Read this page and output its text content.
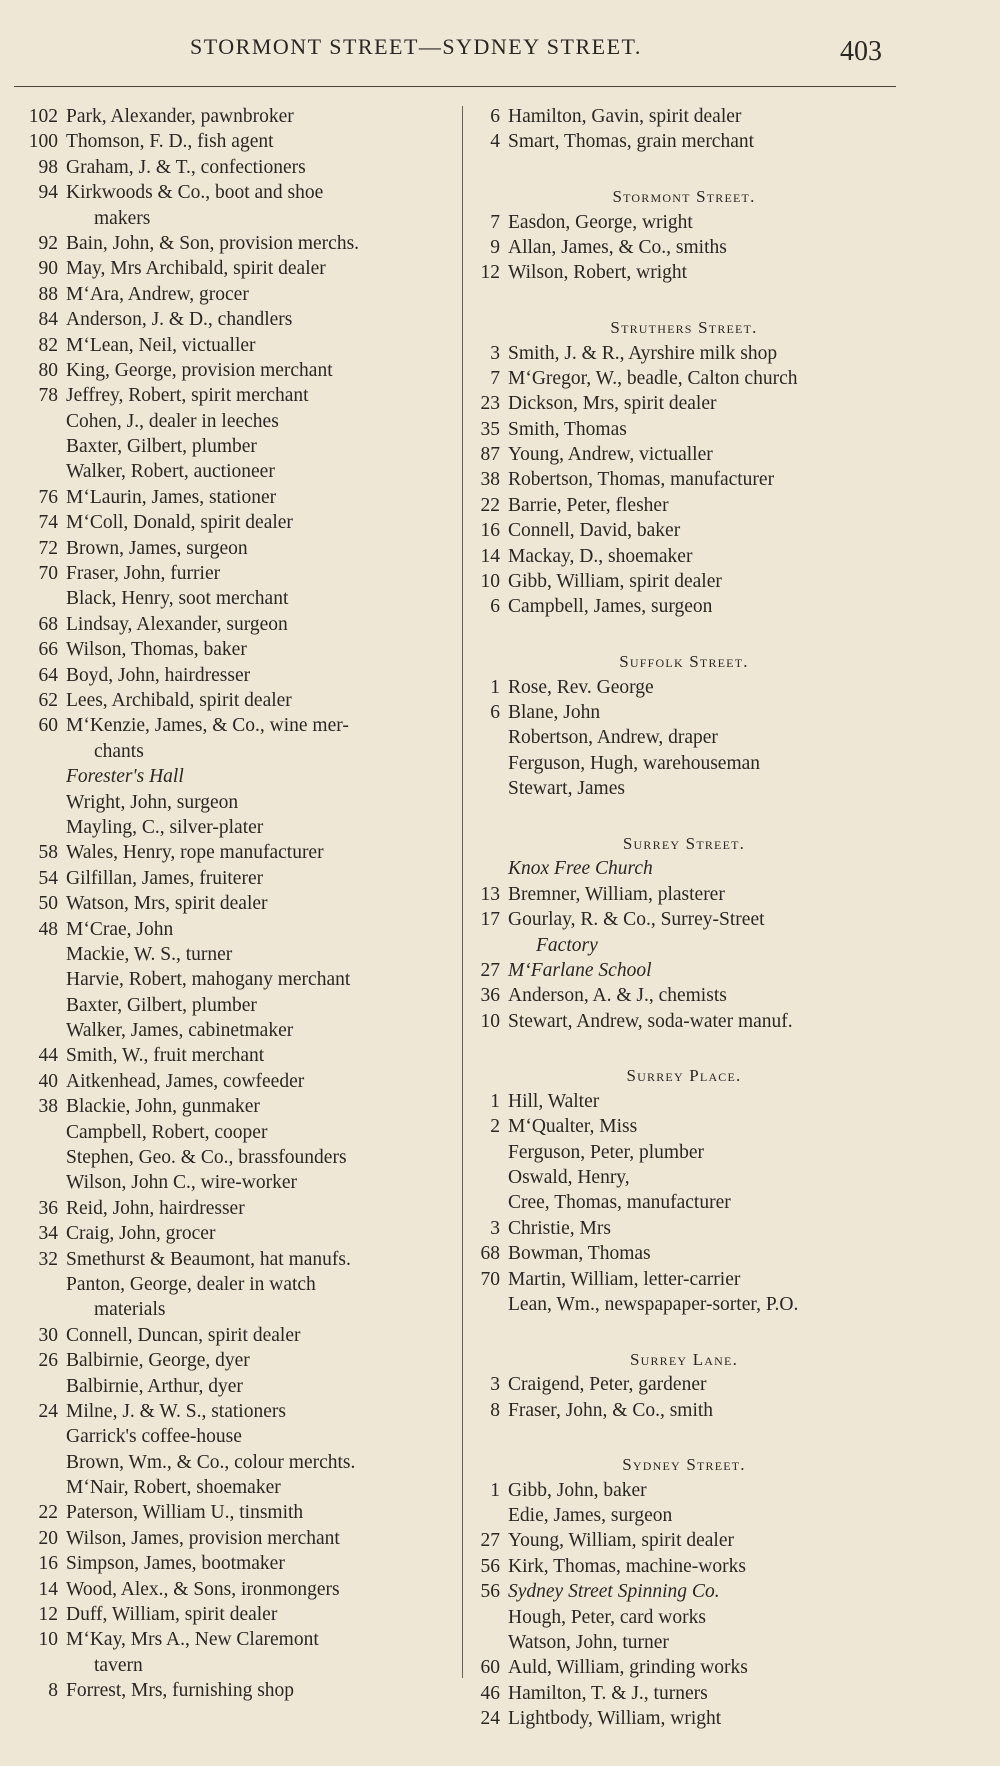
STORMONT STREET—SYDNEY STREET.	403
102 Park, Alexander, pawnbroker
100 Thomson, F. D., fish agent
98 Graham, J. & T., confectioners
94 Kirkwoods & Co., boot and shoe
makers
92 Bain, John, & Son, provision merchs.
90 May, Mrs Archibald, spirit dealer
88 M‘Ara, Andrew, grocer
84 Anderson, J. & D., chandlers
82 M‘Lean, Neil, victualler
80 King, George, provision merchant
78 Jeffrey, Robert, spirit merchant
Cohen, J., dealer in leeches
Baxter, Gilbert, plumber
Walker, Robert, auctioneer
76 M‘Laurin, James, stationer
74 M‘Coll, Donald, spirit dealer
72 Brown, James, surgeon
70 Fraser, John, furrier
Black, Henry, soot merchant
68 Lindsay, Alexander, surgeon
66 Wilson, Thomas, baker
64 Boyd, John, hairdresser
62 Lees, Archibald, spirit dealer
60 M‘Kenzie, James, & Co., wine mer-
chants
Forester's Hall
Wright, John, surgeon
Mayling, C., silver-plater
58 Wales, Henry, rope manufacturer
54 Gilfillan, James, fruiterer
50 Watson, Mrs, spirit dealer
48 M‘Crae, John
Mackie, W. S., turner
Harvie, Robert, mahogany merchant
Baxter, Gilbert, plumber
Walker, James, cabinetmaker
44 Smith, W., fruit merchant
40 Aitkenhead, James, cowfeeder
38 Blackie, John, gunmaker
Campbell, Robert, cooper
Stephen, Geo. & Co., brassfounders
Wilson, John C., wire-worker
36 Reid, John, hairdresser
34 Craig, John, grocer
32 Smethurst & Beaumont, hat manufs.
Panton, George, dealer in watch
materials
30 Connell, Duncan, spirit dealer
26 Balbirnie, George, dyer
Balbirnie, Arthur, dyer
24 Milne, J. & W. S., stationers
Garrick's coffee-house
Brown, Wm., & Co., colour merchts.
M‘Nair, Robert, shoemaker
22 Paterson, William U., tinsmith
20 Wilson, James, provision merchant
16 Simpson, James, bootmaker
14 Wood, Alex., & Sons, ironmongers
12 Duff, William, spirit dealer
10 M‘Kay, Mrs A., New Claremont
tavern
8 Forrest, Mrs, furnishing shop
6 Hamilton, Gavin, spirit dealer
4 Smart, Thomas, grain merchant
Stormont Street.
7 Easdon, George, wright
9 Allan, James, & Co., smiths
12 Wilson, Robert, wright
Struthers Street.
3 Smith, J. & R., Ayrshire milk shop
7 M‘Gregor, W., beadle, Calton church
23 Dickson, Mrs, spirit dealer
35 Smith, Thomas
87 Young, Andrew, victualler
38 Robertson, Thomas, manufacturer
22 Barrie, Peter, flesher
16 Connell, David, baker
14 Mackay, D., shoemaker
10 Gibb, William, spirit dealer
6 Campbell, James, surgeon
Suffolk Street.
1 Rose, Rev. George
6 Blane, John
Robertson, Andrew, draper
Ferguson, Hugh, warehouseman
Stewart, James
Surrey Street.
Knox Free Church
13 Bremner, William, plasterer
17 Gourlay, R. & Co., Surrey-Street
Factory
27 M‘Farlane School
36 Anderson, A. & J., chemists
10 Stewart, Andrew, soda-water manuf.
Surrey Place.
1 Hill, Walter
2 M‘Qualter, Miss
Ferguson, Peter, plumber
Oswald, Henry,
Cree, Thomas, manufacturer
3 Christie, Mrs
68 Bowman, Thomas
70 Martin, William, letter-carrier
Lean, Wm., newspapaper-sorter, P.O.
Surrey Lane.
3 Craigend, Peter, gardener
8 Fraser, John, & Co., smith
Sydney Street.
1 Gibb, John, baker
Edie, James, surgeon
27 Young, William, spirit dealer
56 Kirk, Thomas, machine-works
56 Sydney Street Spinning Co.
Hough, Peter, card works
Watson, John, turner
60 Auld, William, grinding works
46 Hamilton, T. & J., turners
24 Lightbody, William, wright
